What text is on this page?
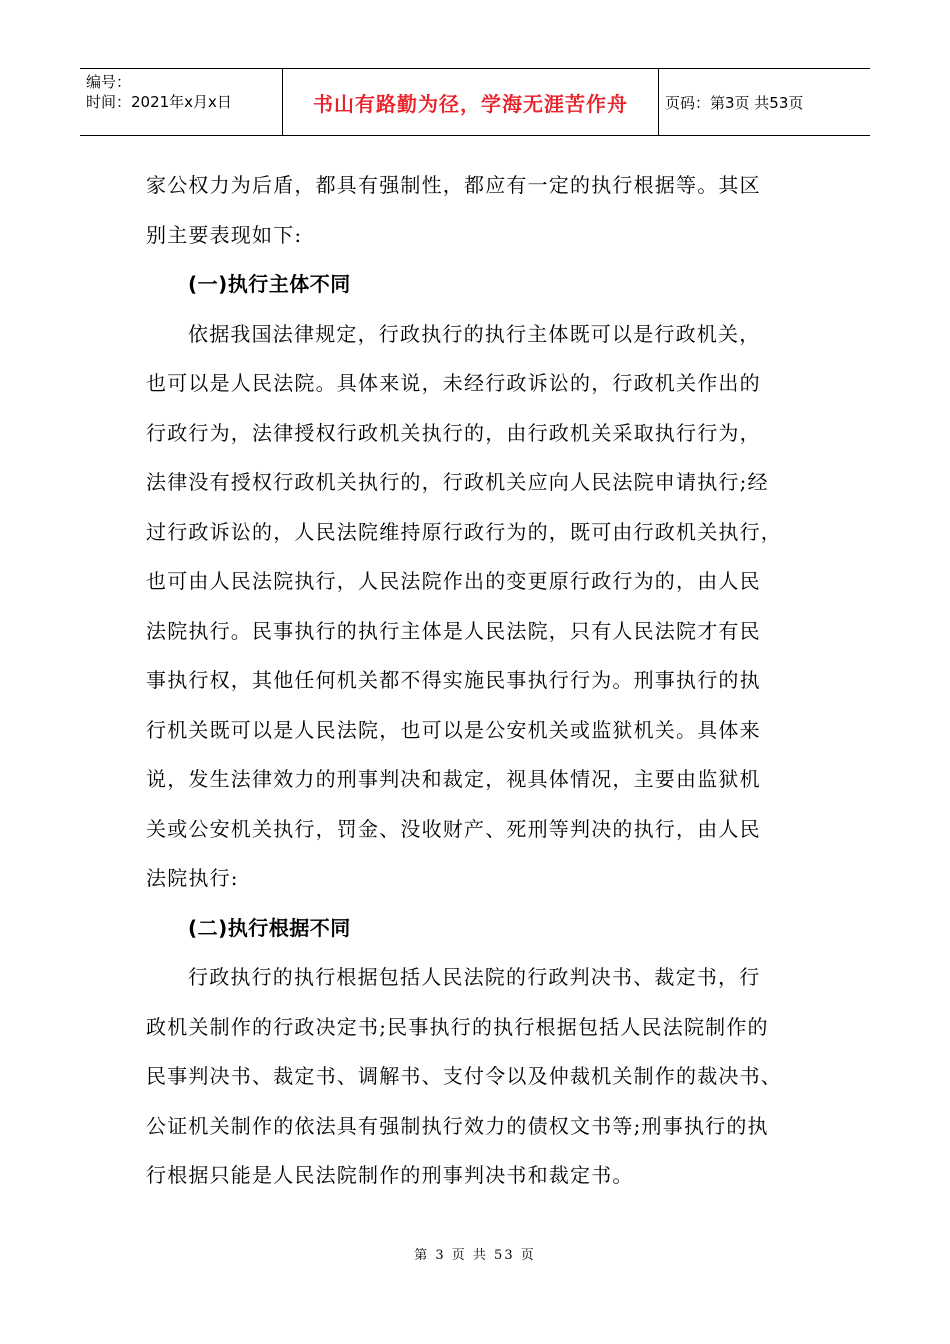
编号：
时间：2021年x月x日	书山有路勤为径，学海无涯苦作舟 页码：第3页 共53页
家公权力为后盾，都具有强制性，都应有一定的执行根据等。其区
别主要表现如下:
(一)执行主体不同
依据我国法律规定，行政执行的执行主体既可以是行政机关，
也可以是人民法院。具体来说，未经行政诉讼的，行政机关作出的
行政行为，法律授权行政机关执行的，由行政机关采取执行行为，
法律没有授权行政机关执行的，行政机关应向人民法院申请执行;经
过行政诉讼的，人民法院维持原行政行为的，既可由行政机关执行，
也可由人民法院执行，人民法院作出的变更原行政行为的，由人民
法院执行。民事执行的执行主体是人民法院，只有人民法院才有民
事执行权，其他任何机关都不得实施民事执行行为。刑事执行的执
行机关既可以是人民法院，也可以是公安机关或监狱机关。具体来
说，发生法律效力的刑事判决和裁定，视具体情况，主要由监狱机
关或公安机关执行，罚金、没收财产、死刑等判决的执行，由人民
法院执行:
(二)执行根据不同
行政执行的执行根据包括人民法院的行政判决书、裁定书，行
政机关制作的行政决定书;民事执行的执行根据包括人民法院制作的
民事判决书、裁定书、调解书、支付令以及仲裁机关制作的裁决书、
公证机关制作的依法具有强制执行效力的债权文书等;刑事执行的执
行根据只能是人民法院制作的刑事判决书和裁定书。
第 3 页 共 53 页
